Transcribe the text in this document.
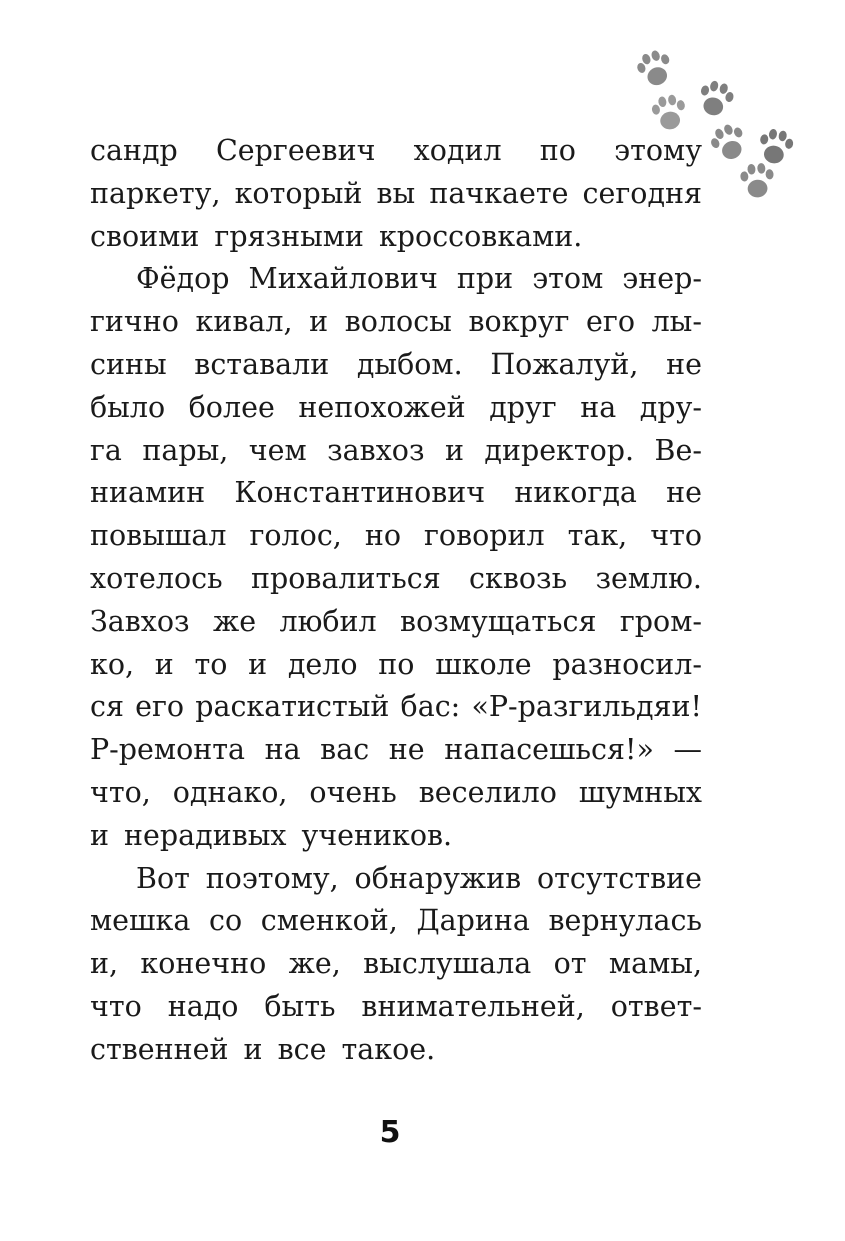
сандр Сергеевич ходил по этому
паркету, который вы пачкаете сегодня
своими грязными кроссовками.
Фёдор Михайлович при этом энер-
гично кивал, и волосы вокруг его лы-
сины вставали дыбом. Пожалуй, не
было более непохожей друг на дру-
га пары, чем завхоз и директор. Ве-
ниамин Константинович никогда не
повышал голос, но говорил так, что
хотелось провалиться сквозь землю.
Завхоз же любил возмущаться гром-
ко, и то и дело по школе разносил-
ся его раскатистый бас: «Р-разгильдяи!
Р-ремонта на вас не напасешься!» —
что, однако, очень веселило шумных
и нерадивых учеников.
Вот поэтому, обнаружив отсутствие
мешка со сменкой, Дарина вернулась
и, конечно же, выслушала от мамы,
что надо быть внимательней, ответ-
ственней и все такое.
5
